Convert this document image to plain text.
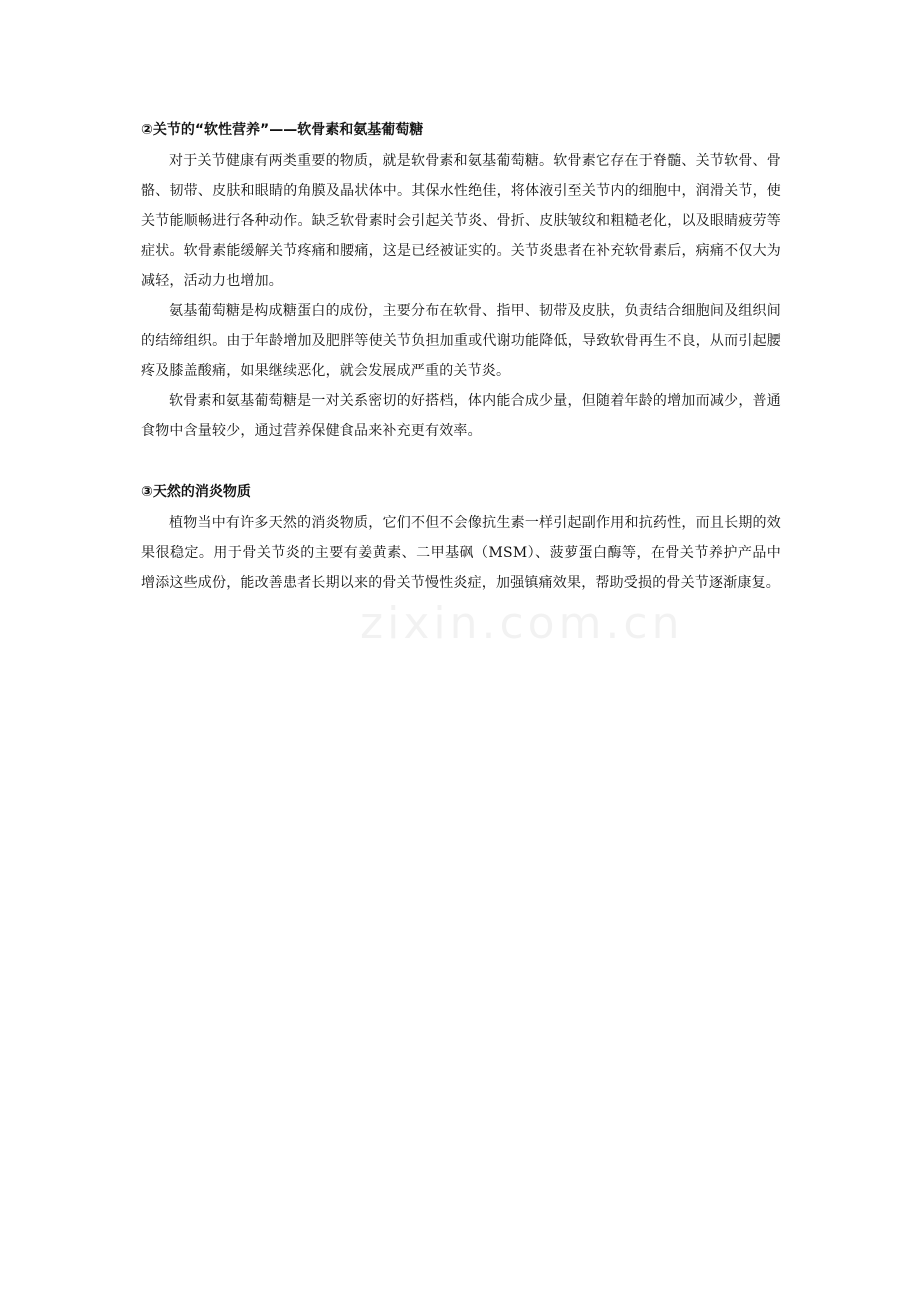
②关节的“软性营养”——软骨素和氨基葡萄糖

对于关节健康有两类重要的物质，就是软骨素和氨基葡萄糖。软骨素它存在于脊髓、关节软骨、骨骼、韧带、皮肤和眼睛的角膜及晶状体中。其保水性绝佳，将体液引至关节内的细胞中，润滑关节，使关节能顺畅进行各种动作。缺乏软骨素时会引起关节炎、骨折、皮肤皱纹和粗糙老化，以及眼睛疲劳等症状。软骨素能缓解关节疼痛和腰痛，这是已经被证实的。关节炎患者在补充软骨素后，病痛不仅大为减轻，活动力也增加。

氨基葡萄糖是构成糖蛋白的成份，主要分布在软骨、指甲、韧带及皮肤，负责结合细胞间及组织间的结缔组织。由于年龄增加及肥胖等使关节负担加重或代谢功能降低，导致软骨再生不良，从而引起腰疼及膝盖酸痛，如果继续恶化，就会发展成严重的关节炎。

软骨素和氨基葡萄糖是一对关系密切的好搭档，体内能合成少量，但随着年龄的增加而减少，普通食物中含量较少，通过营养保健食品来补充更有效率。

③天然的消炎物质

植物当中有许多天然的消炎物质，它们不但不会像抗生素一样引起副作用和抗药性，而且长期的效果很稳定。用于骨关节炎的主要有姜黄素、二甲基砜（MSM）、菠萝蛋白酶等，在骨关节养护产品中增添这些成份，能改善患者长期以来的骨关节慢性炎症，加强镇痛效果，帮助受损的骨关节逐渐康复。

zixin.com.cn
